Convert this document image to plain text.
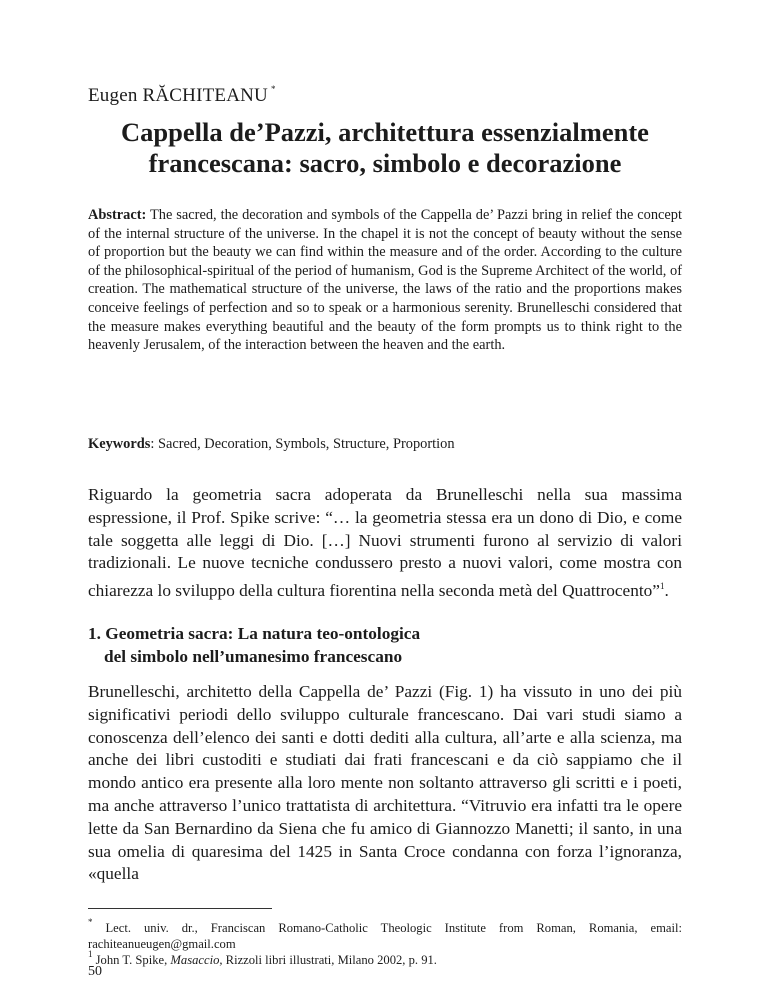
Eugen RĂCHITEANU *
Cappella de’Pazzi, architettura essenzialmente
francescana: sacro, simbolo e decorazione

Abstract: The sacred, the decoration and symbols of the Cappella de’ Pazzi bring in relief the concept of the internal structure of the universe. In the chapel it is not the concept of beauty without the sense of proportion but the beauty we can find within the measure and of the order. According to the culture of the philosophical-spiritual of the period of humanism, God is the Supreme Architect of the world, of creation. The mathematical structure of the universe, the laws of the ratio and the proportions makes conceive feelings of perfection and so to speak or a harmonious serenity. Brunelleschi considered that the measure makes everything beautiful and the beauty of the form prompts us to think right to the heavenly Jerusalem, of the interaction between the heaven and the earth.

Keywords: Sacred, Decoration, Symbols, Structure, Proportion

Riguardo la geometria sacra adoperata da Brunelleschi nella sua massima espressione, il Prof. Spike scrive: “… la geometria stessa era un dono di Dio, e come tale soggetta alle leggi di Dio. […] Nuovi strumenti furono al servizio di valori tradizionali. Le nuove tecniche condussero presto a nuovi valori, come mostra con chiarezza lo sviluppo della cultura fiorentina nella seconda metà del Quattrocento”$^1$.

1. Geometria sacra: La natura teo-ontologica
del simbolo nell’umanesimo francescano

Brunelleschi, architetto della Cappella de’ Pazzi (Fig. 1) ha vissuto in uno dei più significativi periodi dello sviluppo culturale francescano. Dai vari studi siamo a conoscenza dell’elenco dei santi e dotti dediti alla cultura, all’arte e alla scienza, ma anche dei libri custoditi e studiati dai frati francescani e da ciò sappiamo che il mondo antico era presente alla loro mente non soltanto attraverso gli scritti e i poeti, ma anche attraverso l’unico trattatista di architettura. “Vitruvio era infatti tra le opere lette da San Bernardino da Siena che fu amico di Giannozzo Manetti; il santo, in una sua omelia di quaresima del 1425 in Santa Croce condanna con forza l’ignoranza, «quella

* Lect. univ. dr., Franciscan Romano-Catholic Theologic Institute from Roman, Romania, email: rachiteanueugen@gmail.com

$^1$ John T. Spike, Masaccio, Rizzoli libri illustrati, Milano 2002, p. 91.

50
